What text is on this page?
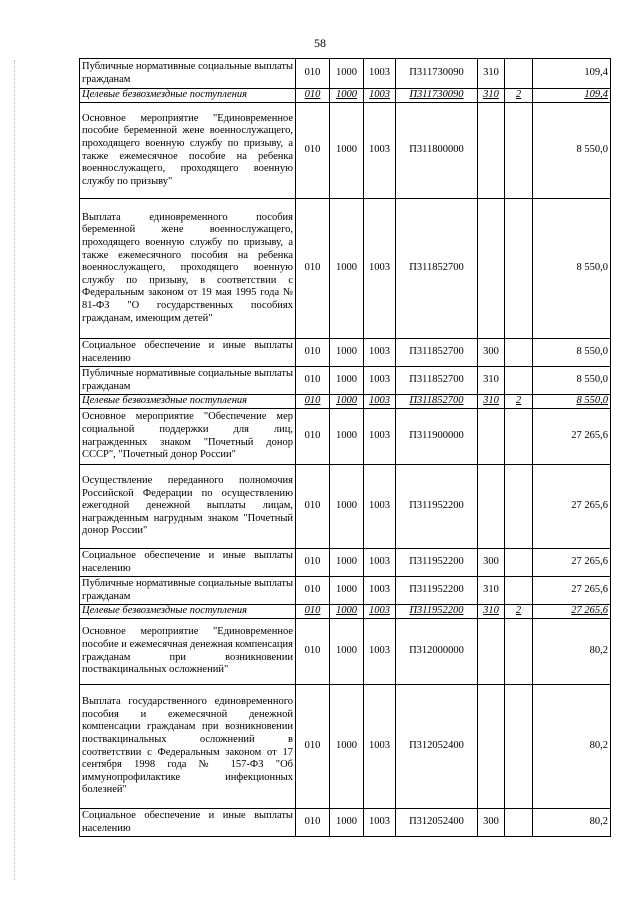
58
Публичные нормативные социальные выплаты гражданам	010	1000	1003	П311730090	310		109,4
Целевые безвозмездные поступления	010	1000	1003	П311730090	310	2	109,4
Основное мероприятие "Единовременное пособие беременной жене военнослужащего, проходящего военную службу по призыву, а также ежемесячное пособие на ребенка военнослужащего, проходящего военную службу по призыву"	010	1000	1003	П311800000			8 550,0
Выплата единовременного пособия беременной жене военнослужащего, проходящего военную службу по призыву, а также ежемесячного пособия на ребенка военнослужащего, проходящего военную службу по призыву, в соответствии с Федеральным законом от 19 мая 1995 года № 81-ФЗ "О государственных пособиях гражданам, имеющим детей"	010	1000	1003	П311852700			8 550,0
Социальное обеспечение и иные выплаты населению	010	1000	1003	П311852700	300		8 550,0
Публичные нормативные социальные выплаты гражданам	010	1000	1003	П311852700	310		8 550,0
Целевые безвозмездные поступления	010	1000	1003	П311852700	310	2	8 550,0
Основное мероприятие "Обеспечение мер социальной поддержки для лиц, награжденных знаком "Почетный донор СССР", "Почетный донор России"	010	1000	1003	П311900000			27 265,6
Осуществление переданного полномочия Российской Федерации по осуществлению ежегодной денежной выплаты лицам, награжденным нагрудным знаком "Почетный донор России"	010	1000	1003	П311952200			27 265,6
Социальное обеспечение и иные выплаты населению	010	1000	1003	П311952200	300		27 265,6
Публичные нормативные социальные выплаты гражданам	010	1000	1003	П311952200	310		27 265,6
Целевые безвозмездные поступления	010	1000	1003	П311952200	310	2	27 265,6
Основное мероприятие "Единовременное пособие и ежемесячная денежная компенсация гражданам при возникновении поствакцинальных осложнений"	010	1000	1003	П312000000			80,2
Выплата государственного единовременного пособия и ежемесячной денежной компенсации гражданам при возникновении поствакцинальных осложнений в соответствии с Федеральным законом от 17 сентября 1998 года № 157-ФЗ "Об иммунопрофилактике инфекционных болезней"	010	1000	1003	П312052400			80,2
Социальное обеспечение и иные выплаты населению	010	1000	1003	П312052400	300		80,2
